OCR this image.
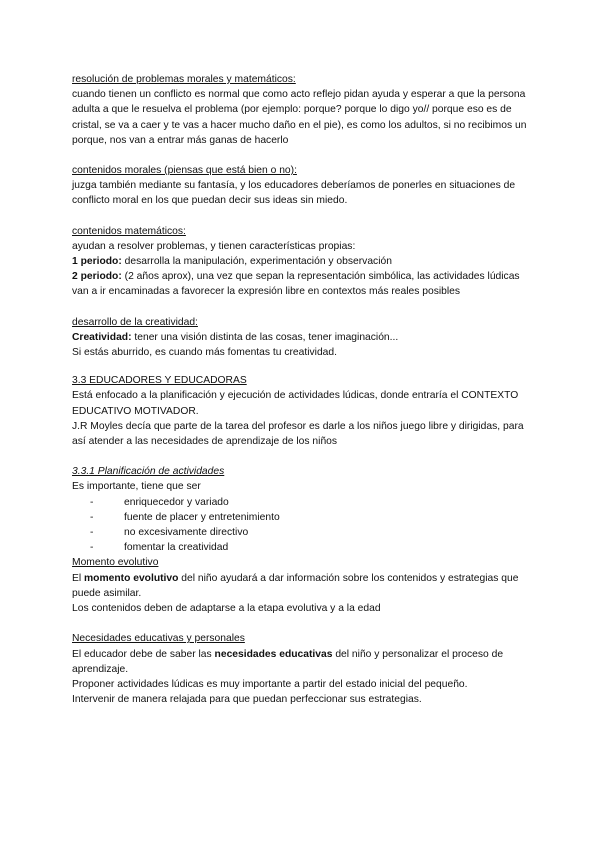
resolución de problemas morales y matemáticos:

cuando tienen un conflicto es normal que como acto reflejo pidan ayuda y esperar a que la persona adulta a que le resuelva el problema (por ejemplo: porque? porque lo digo yo// porque eso es de cristal, se va a caer y te vas a hacer mucho daño en el pie), es como los adultos, si no recibimos un porque, nos van a entrar más ganas de hacerlo

contenidos morales (piensas que está bien o no):

juzga también mediante su fantasía, y los educadores deberíamos de ponerles en situaciones de conflicto moral en los que puedan decir sus ideas sin miedo.

contenidos matemáticos:

ayudan a resolver problemas, y tienen características propias:

1 periodo: desarrolla la manipulación, experimentación y observación

2 periodo: (2 años aprox), una vez que sepan la representación simbólica, las actividades lúdicas van a ir encaminadas a favorecer la expresión libre en contextos más reales posibles

desarrollo de la creatividad:

Creatividad: tener una visión distinta de las cosas, tener imaginación...

Si estás aburrido, es cuando más fomentas tu creatividad.

3.3 EDUCADORES Y EDUCADORAS

Está enfocado a la planificación y ejecución de actividades lúdicas, donde entraría el CONTEXTO EDUCATIVO MOTIVADOR.

J.R Moyles decía que parte de la tarea del profesor es darle a los niños juego libre y dirigidas, para así atender a las necesidades de aprendizaje de los niños

3.3.1 Planificación de actividades

Es importante, tiene que ser

- enriquecedor y variado
- fuente de placer y entretenimiento
- no excesivamente directivo
- fomentar la creatividad

Momento evolutivo

El momento evolutivo del niño ayudará a dar información sobre los contenidos y estrategias que puede asimilar.

Los contenidos deben de adaptarse a la etapa evolutiva y a la edad

Necesidades educativas y personales

El educador debe de saber las necesidades educativas del niño y personalizar el proceso de aprendizaje.

Proponer actividades lúdicas es muy importante a partir del estado inicial del pequeño.

Intervenir de manera relajada para que puedan perfeccionar sus estrategias.
